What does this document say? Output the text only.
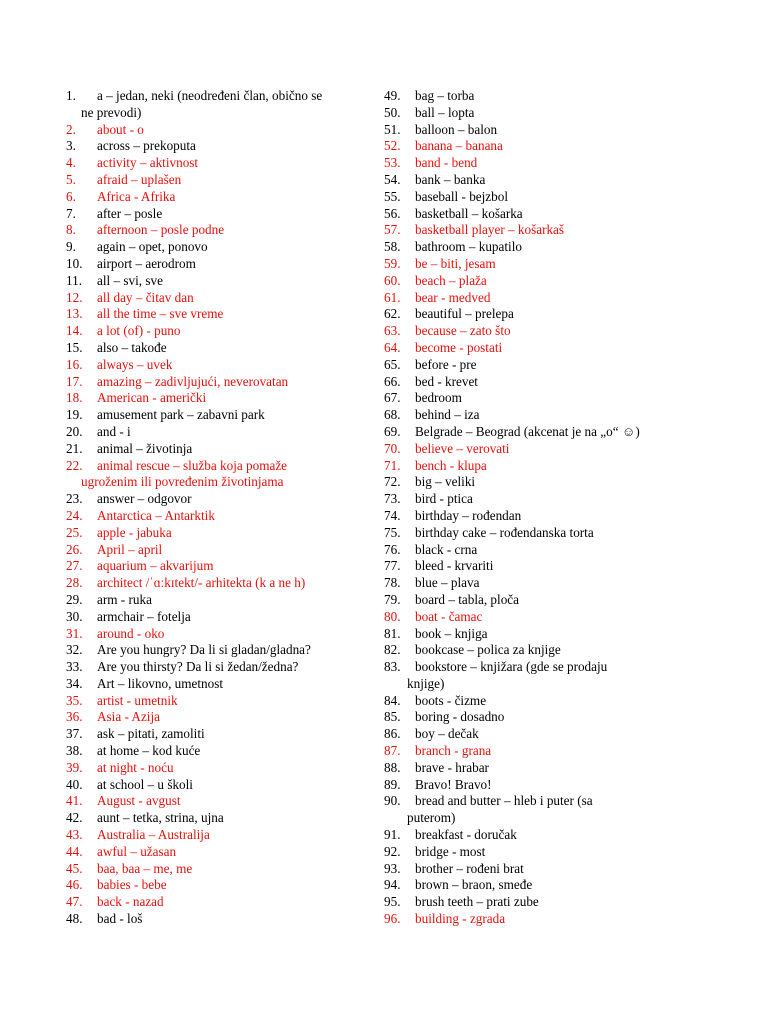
1.	a – jedan, neki (neodređeni član, obično se
ne prevodi)
2.	about - o
3.	across – prekoputa
4.	activity – aktivnost
5.	afraid – uplašen
6.	Africa - Afrika
7.	after – posle
8.	afternoon – posle podne
9.	again – opet, ponovo
10.	airport – aerodrom
11.	all – svi, sve
12.	all day – čitav dan
13.	all the time – sve vreme
14.	a lot (of) - puno
15.	also – takođe
16.	always – uvek
17.	amazing – zadivljujući, neverovatan
18.	American - američki
19.	amusement park – zabavni park
20.	and - i
21.	animal – životinja
22.	animal rescue – služba koja pomaže
ugroženim ili povređenim životinjama
23.	answer – odgovor
24.	Antarctica – Antarktik
25.	apple - jabuka
26.	April – april
27.	aquarium – akvarijum
28.	architect /ˈɑːkɪtekt/- arhitekta (k a ne h)
29.	arm - ruka
30.	armchair – fotelja
31.	around - oko
32.	Are you hungry? Da li si gladan/gladna?
33.	Are you thirsty? Da li si žedan/žedna?
34.	Art – likovno, umetnost
35.	artist - umetnik
36.	Asia - Azija
37.	ask – pitati, zamoliti
38.	at home – kod kuće
39.	at night - noću
40.	at school – u školi
41.	August - avgust
42.	aunt – tetka, strina, ujna
43.	Australia – Australija
44.	awful – užasan
45.	baa, baa – me, me
46.	babies - bebe
47.	back - nazad
48.	bad - loš
49.	bag – torba
50.	ball – lopta
51.	balloon – balon
52.	banana – banana
53.	band - bend
54.	bank – banka
55.	baseball - bejzbol
56.	basketball – košarka
57.	basketball player – košarkaš
58.	bathroom – kupatilo
59.	be – biti, jesam
60.	beach – plaža
61.	bear - medved
62.	beautiful – prelepa
63.	because – zato što
64.	become - postati
65.	before - pre
66.	bed - krevet
67.	bedroom
68.	behind – iza
69.	Belgrade – Beograd (akcenat je na „o“ ☺)
70.	believe – verovati
71.	bench - klupa
72.	big – veliki
73.	bird - ptica
74.	birthday – rođendan
75.	birthday cake – rođendanska torta
76.	black - crna
77.	bleed - krvariti
78.	blue – plava
79.	board – tabla, ploča
80.	boat - čamac
81.	book – knjiga
82.	bookcase – polica za knjige
83.	bookstore – knjižara (gde se prodaju
knjige)
84.	boots - čizme
85.	boring - dosadno
86.	boy – dečak
87.	branch - grana
88.	brave - hrabar
89.	Bravo! Bravo!
90.	bread and butter – hleb i puter (sa
puterom)
91.	breakfast - doručak
92.	bridge - most
93.	brother – rođeni brat
94.	brown – braon, smeđe
95.	brush teeth – prati zube
96.	building - zgrada
